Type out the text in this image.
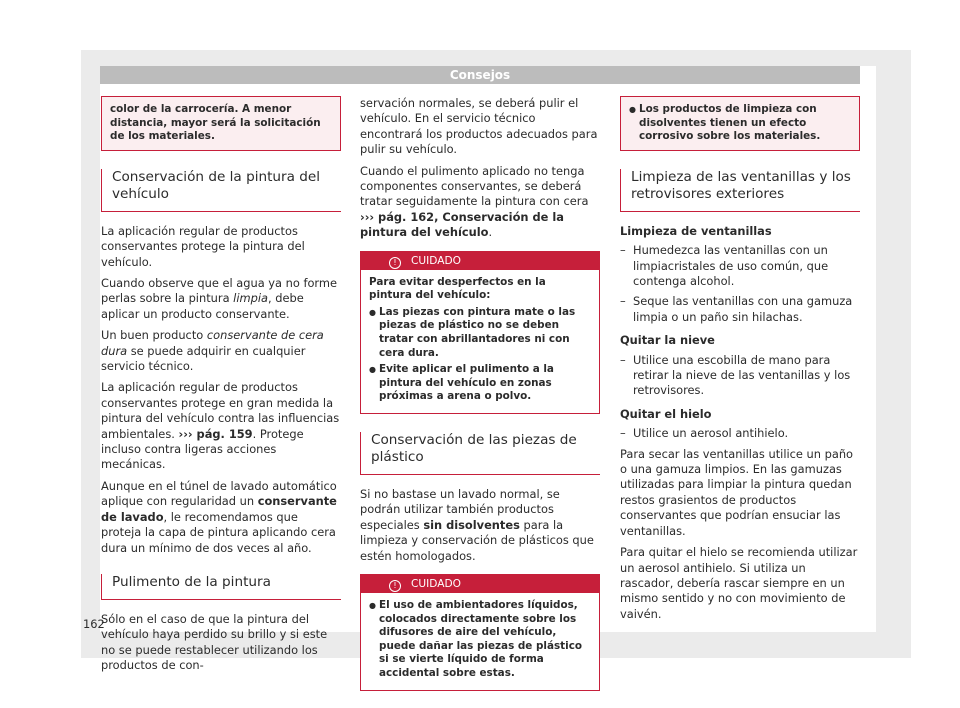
Consejos
color de la carrocería. A menor distancia, mayor será la solicitación de los materiales.
Conservación de la pintura del vehículo

La aplicación regular de productos conservantes protege la pintura del vehículo.

Cuando observe que el agua ya no forme perlas sobre la pintura limpia, debe aplicar un producto conservante.

Un buen producto conservante de cera dura se puede adquirir en cualquier servicio técnico.

La aplicación regular de productos conservantes protege en gran medida la pintura del vehículo contra las influencias ambientales. ››› pág. 159. Protege incluso contra ligeras acciones mecánicas.

Aunque en el túnel de lavado automático aplique con regularidad un conservante de lavado, le recomendamos que proteja la capa de pintura aplicando cera dura un mínimo de dos veces al año.

Pulimento de la pintura

Sólo en el caso de que la pintura del vehículo haya perdido su brillo y si este no se puede restablecer utilizando los productos de con-

servación normales, se deberá pulir el vehículo. En el servicio técnico encontrará los productos adecuados para pulir su vehículo.

Cuando el pulimento aplicado no tenga componentes conservantes, se deberá tratar seguidamente la pintura con cera ››› pág. 162, Conservación de la pintura del vehículo.

! CUIDADO

Para evitar desperfectos en la pintura del vehículo:

● Las piezas con pintura mate o las piezas de plástico no se deben tratar con abrillantadores ni con cera dura.

● Evite aplicar el pulimento a la pintura del vehículo en zonas próximas a arena o polvo.

Conservación de las piezas de plástico

Si no bastase un lavado normal, se podrán utilizar también productos especiales sin disolventes para la limpieza y conservación de plásticos que estén homologados.

! CUIDADO

● El uso de ambientadores líquidos, colocados directamente sobre los difusores de aire del vehículo, puede dañar las piezas de plástico si se vierte líquido de forma accidental sobre estas.

● Los productos de limpieza con disolventes tienen un efecto corrosivo sobre los materiales.
Limpieza de las ventanillas y los retrovisores exteriores

Limpieza de ventanillas

– Humedezca las ventanillas con un limpiacristales de uso común, que contenga alcohol.

– Seque las ventanillas con una gamuza limpia o un paño sin hilachas.

Quitar la nieve

– Utilice una escobilla de mano para retirar la nieve de las ventanillas y los retrovisores.

Quitar el hielo

– Utilice un aerosol antihielo.

Para secar las ventanillas utilice un paño o una gamuza limpios. En las gamuzas utilizadas para limpiar la pintura quedan restos grasientos de productos conservantes que podrían ensuciar las ventanillas.

Para quitar el hielo se recomienda utilizar un aerosol antihielo. Si utiliza un rascador, debería rascar siempre en un mismo sentido y no con movimiento de vaivén.

162
